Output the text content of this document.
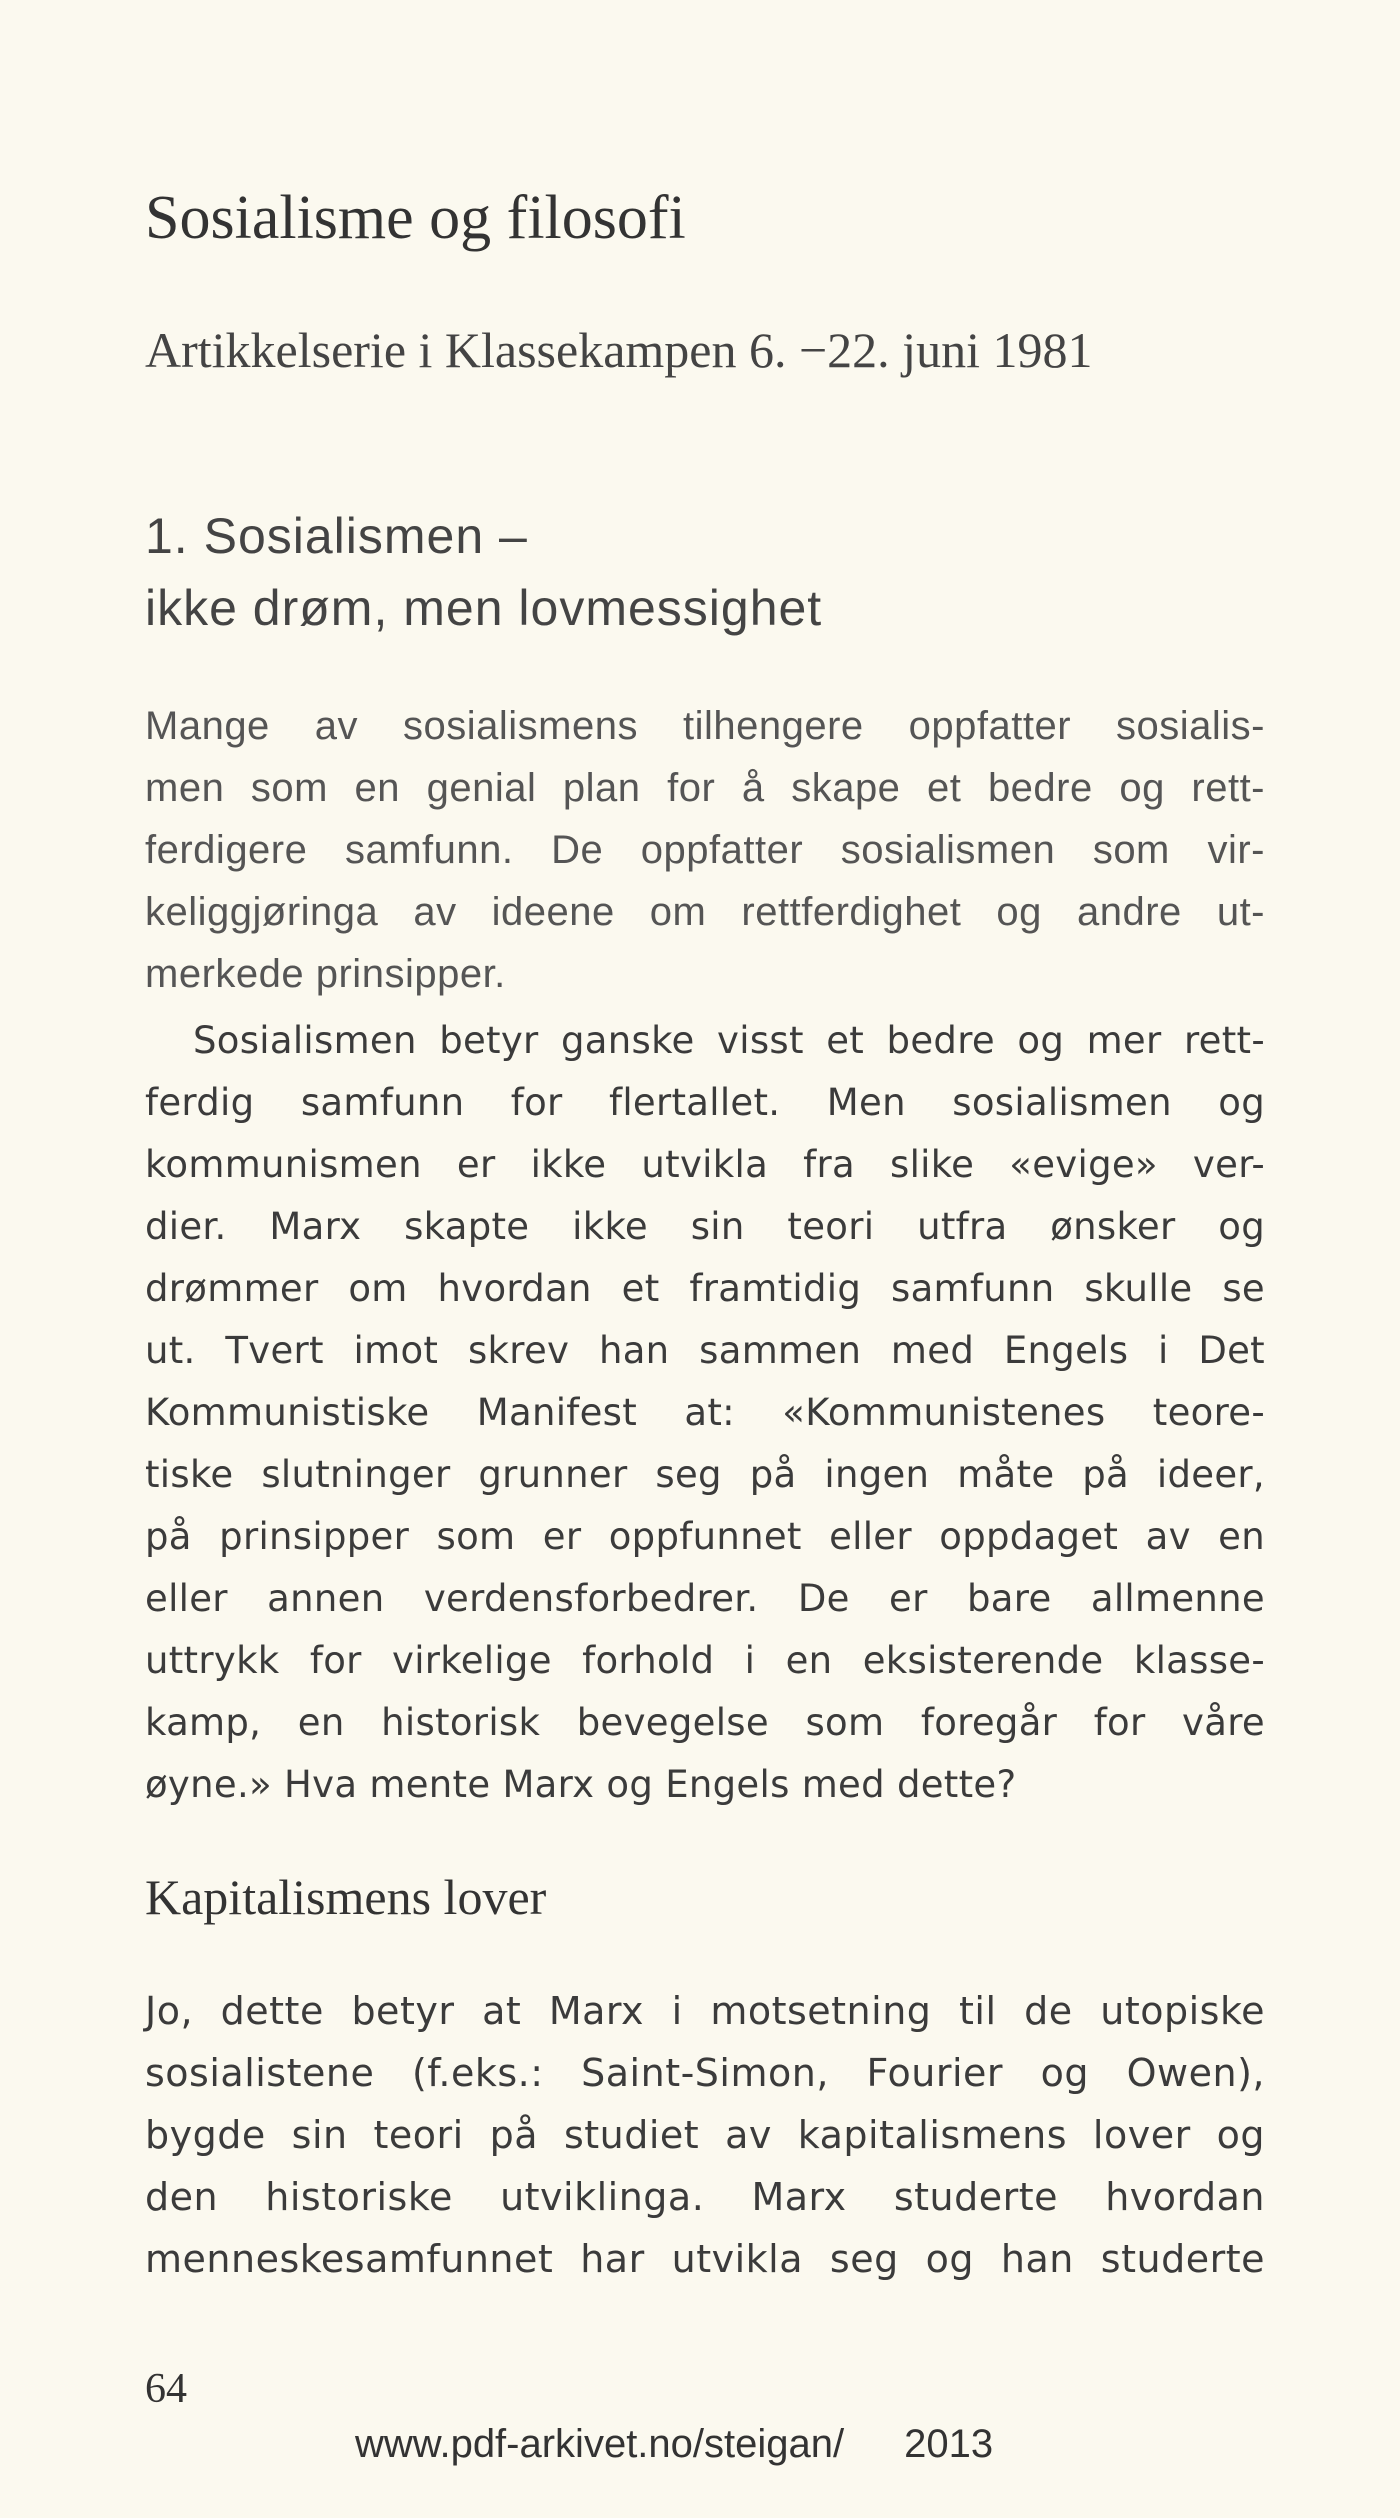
Sosialisme og filosofi
Artikkelserie i Klassekampen 6. −22. juni 1981
1. Sosialismen –
ikke drøm, men lovmessighet
Mange av sosialismens tilhengere oppfatter sosialis-
men som en genial plan for å skape et bedre og rett-
ferdigere samfunn. De oppfatter sosialismen som vir-
keliggjøringa av ideene om rettferdighet og andre ut-
merkede prinsipper.
Sosialismen betyr ganske visst et bedre og mer rett-
ferdig samfunn for flertallet. Men sosialismen og
kommunismen er ikke utvikla fra slike «evige» ver-
dier. Marx skapte ikke sin teori utfra ønsker og
drømmer om hvordan et framtidig samfunn skulle se
ut. Tvert imot skrev han sammen med Engels i Det
Kommunistiske Manifest at: «Kommunistenes teore-
tiske slutninger grunner seg på ingen måte på ideer,
på prinsipper som er oppfunnet eller oppdaget av en
eller annen verdensforbedrer. De er bare allmenne
uttrykk for virkelige forhold i en eksisterende klasse-
kamp, en historisk bevegelse som foregår for våre
øyne.» Hva mente Marx og Engels med dette?
Kapitalismens lover
Jo, dette betyr at Marx i motsetning til de utopiske
sosialistene (f.eks.: Saint-Simon, Fourier og Owen),
bygde sin teori på studiet av kapitalismens lover og
den historiske utviklinga. Marx studerte hvordan
menneskesamfunnet har utvikla seg og han studerte
64
www.pdf-arkivet.no/steigan/ 2013
